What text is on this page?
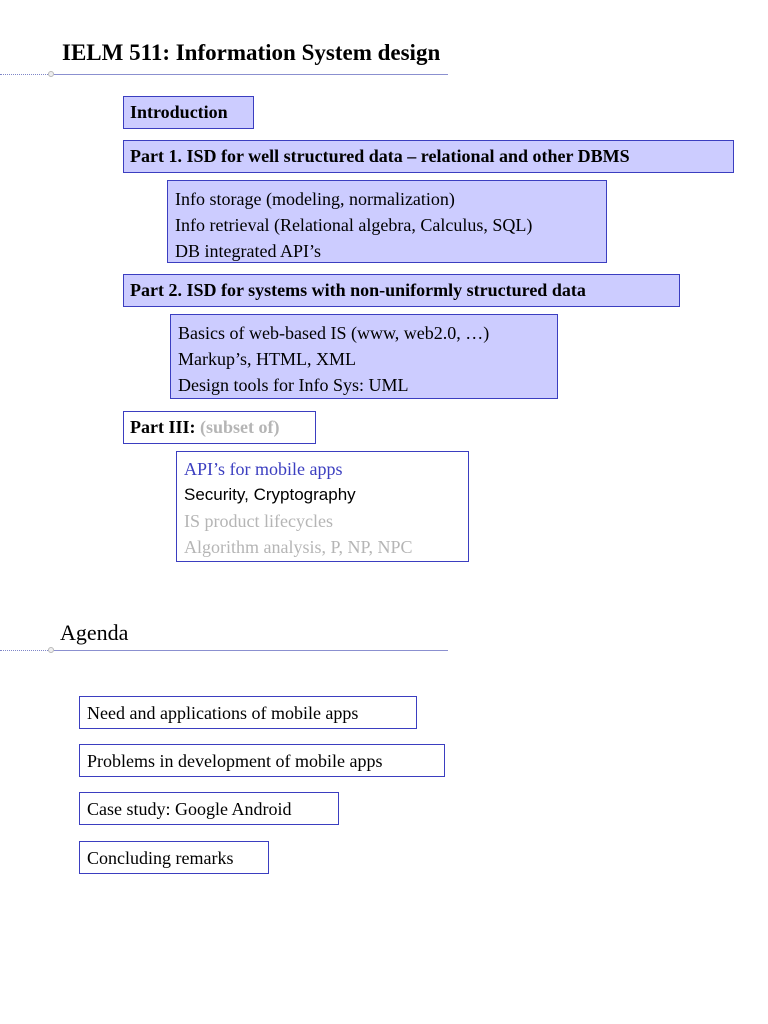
IELM 511: Information System design
Introduction
Part 1. ISD for well structured data – relational and other DBMS
Info storage (modeling, normalization)
Info retrieval (Relational algebra, Calculus, SQL)
DB integrated API’s
Part 2. ISD for systems with non-uniformly structured data
Basics of web-based IS (www, web2.0, …)
Markup’s, HTML, XML
Design tools for Info Sys: UML
Part III: (subset of)
API’s for mobile apps
Security, Cryptography
IS product lifecycles
Algorithm analysis, P, NP, NPC
Agenda
Need and applications of mobile apps
Problems in development of mobile apps
Case study: Google Android
Concluding remarks
